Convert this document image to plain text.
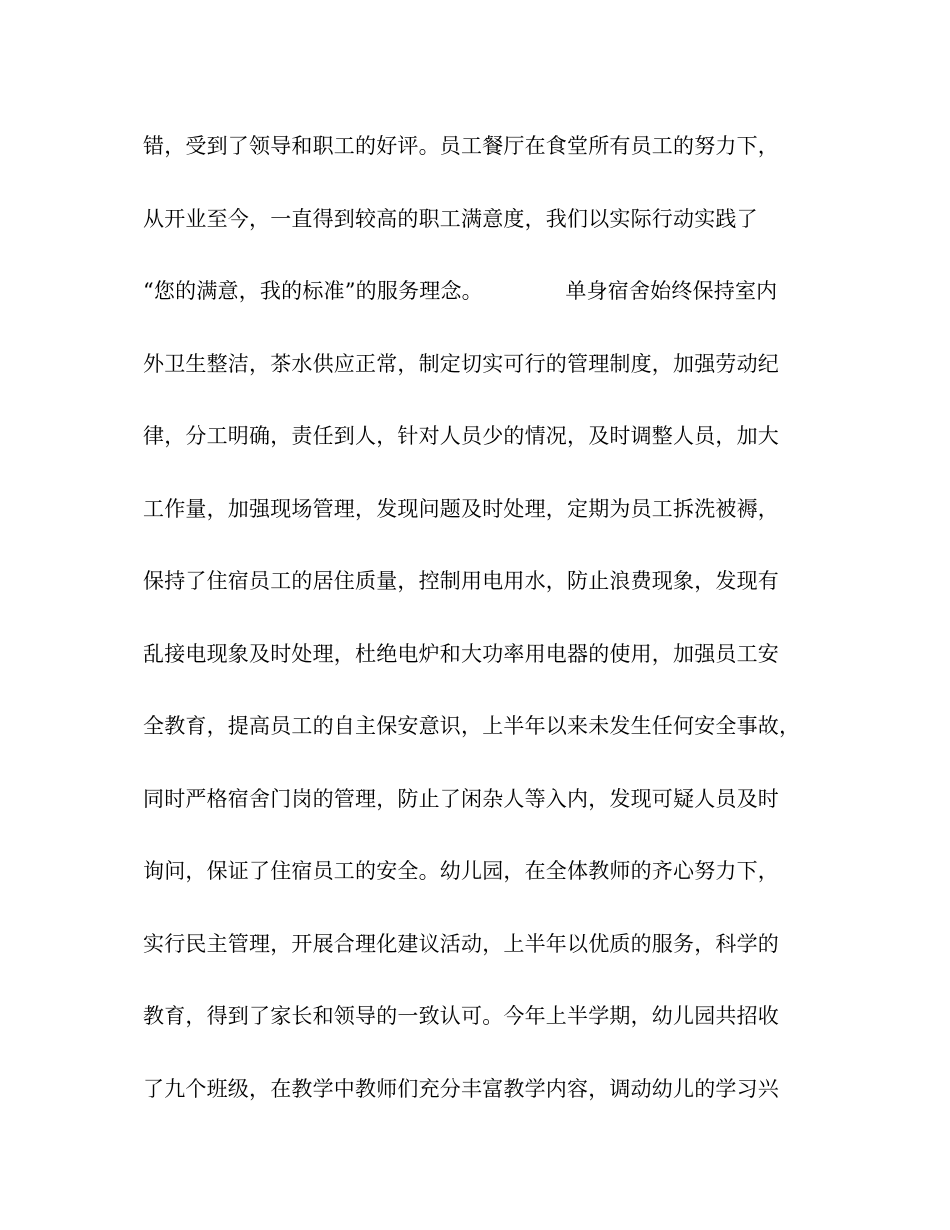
错，受到了领导和职工的好评。员工餐厅在食堂所有员工的努力下，
从开业至今，一直得到较高的职工满意度，我们以实际行动实践了
“您的满意，我的标准”的服务理念。            单身宿舍始终保持室内
外卫生整洁，茶水供应正常，制定切实可行的管理制度，加强劳动纪
律，分工明确，责任到人，针对人员少的情况，及时调整人员，加大
工作量，加强现场管理，发现问题及时处理，定期为员工拆洗被褥，
保持了住宿员工的居住质量，控制用电用水，防止浪费现象，发现有
乱接电现象及时处理，杜绝电炉和大功率用电器的使用，加强员工安
全教育，提高员工的自主保安意识，上半年以来未发生任何安全事故，
同时严格宿舍门岗的管理，防止了闲杂人等入内，发现可疑人员及时
询问，保证了住宿员工的安全。幼儿园，在全体教师的齐心努力下，
实行民主管理，开展合理化建议活动，上半年以优质的服务，科学的
教育，得到了家长和领导的一致认可。今年上半学期，幼儿园共招收
了九个班级，在教学中教师们充分丰富教学内容，调动幼儿的学习兴
